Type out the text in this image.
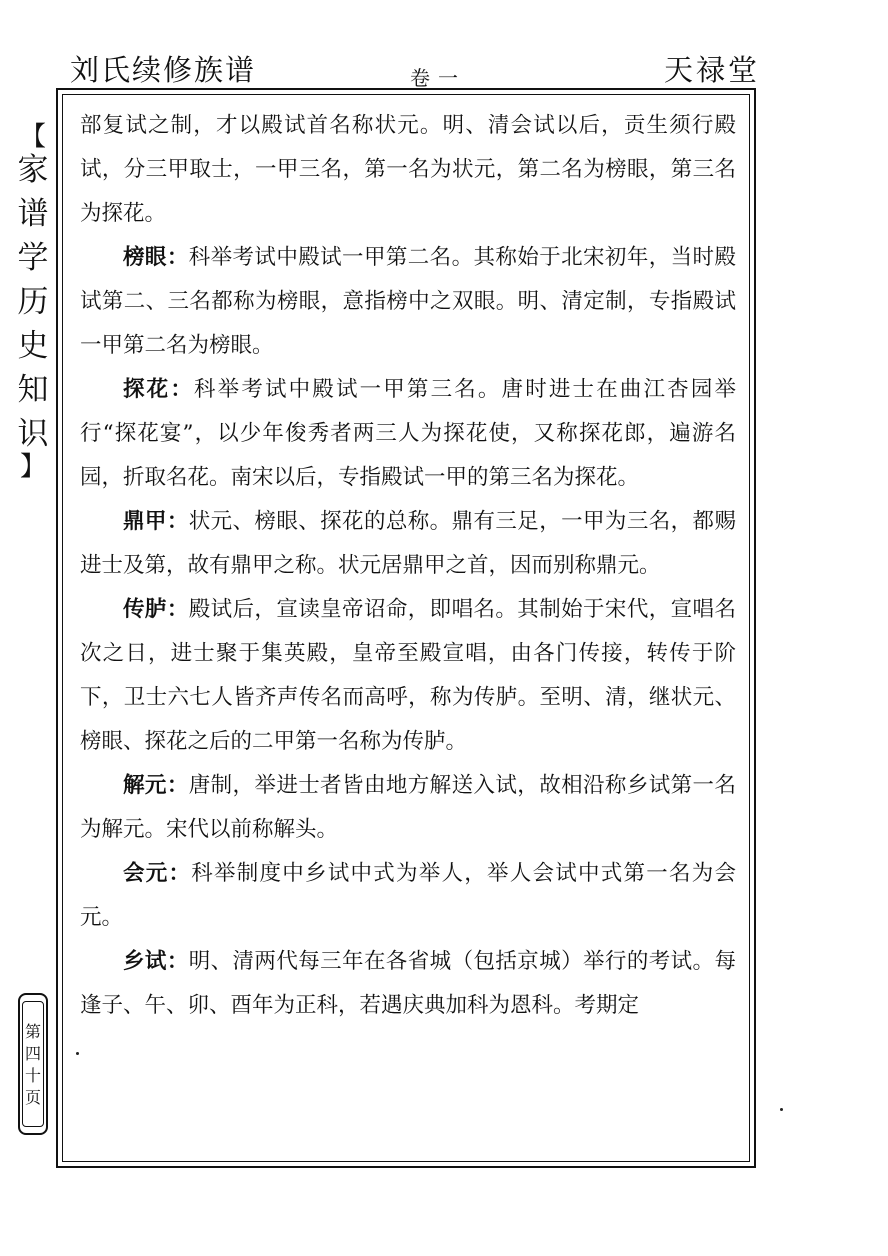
刘氏续修族谱	卷一	天禄堂
【
家
谱
学
历
史
知
识
】
第
四
十
页

部复试之制，才以殿试首名称状元。明、清会试以后，贡生须行殿试，分三甲取士，一甲三名，第一名为状元，第二名为榜眼，第三名为探花。

榜眼：科举考试中殿试一甲第二名。其称始于北宋初年，当时殿试第二、三名都称为榜眼，意指榜中之双眼。明、清定制，专指殿试一甲第二名为榜眼。

探花：科举考试中殿试一甲第三名。唐时进士在曲江杏园举行“探花宴”，以少年俊秀者两三人为探花使，又称探花郎，遍游名园，折取名花。南宋以后，专指殿试一甲的第三名为探花。

鼎甲：状元、榜眼、探花的总称。鼎有三足，一甲为三名，都赐进士及第，故有鼎甲之称。状元居鼎甲之首，因而别称鼎元。

传胪：殿试后，宣读皇帝诏命，即唱名。其制始于宋代，宣唱名次之日，进士聚于集英殿，皇帝至殿宣唱，由各门传接，转传于阶下，卫士六七人皆齐声传名而高呼，称为传胪。至明、清，继状元、榜眼、探花之后的二甲第一名称为传胪。

解元：唐制，举进士者皆由地方解送入试，故相沿称乡试第一名为解元。宋代以前称解头。

会元：科举制度中乡试中式为举人，举人会试中式第一名为会元。

乡试：明、清两代每三年在各省城（包括京城）举行的考试。每逢子、午、卯、酉年为正科，若遇庆典加科为恩科。考期定
